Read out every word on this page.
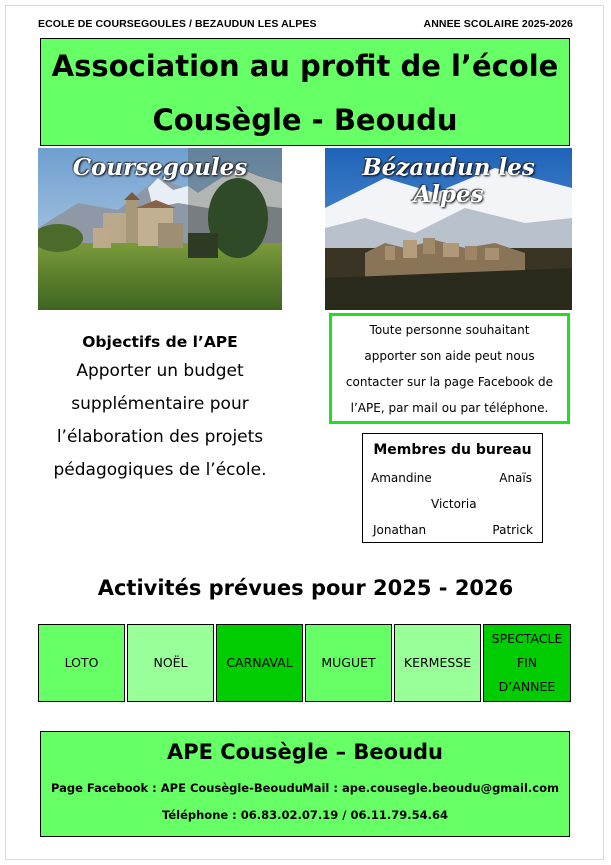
ECOLE DE COURSEGOULES / BEZAUDUN LES ALPES	ANNEE SCOLAIRE 2025-2026
Association au profit de l’école
Cousègle - Beoudu
Coursegoules	Bézaudun les Alpes
Objectifs de l’APE
Apporter un budget
supplémentaire pour
l’élaboration des projets
pédagogiques de l’école.
Toute personne souhaitant
apporter son aide peut nous
contacter sur la page Facebook de
l’APE, par mail ou par téléphone.
Membres du bureau
Amandine	Anaïs
Victoria
Jonathan	Patrick
Activités prévues pour 2025 - 2026
LOTO	NOËL	CARNAVAL	MUGUET	KERMESSE
SPECTACLE
FIN
D’ANNEE
APE Cousègle – Beoudu
Page Facebook : APE Cousègle-Beoudu Mail : ape.cousegle.beoudu@gmail.com
Téléphone : 06.83.02.07.19 / 06.11.79.54.64
